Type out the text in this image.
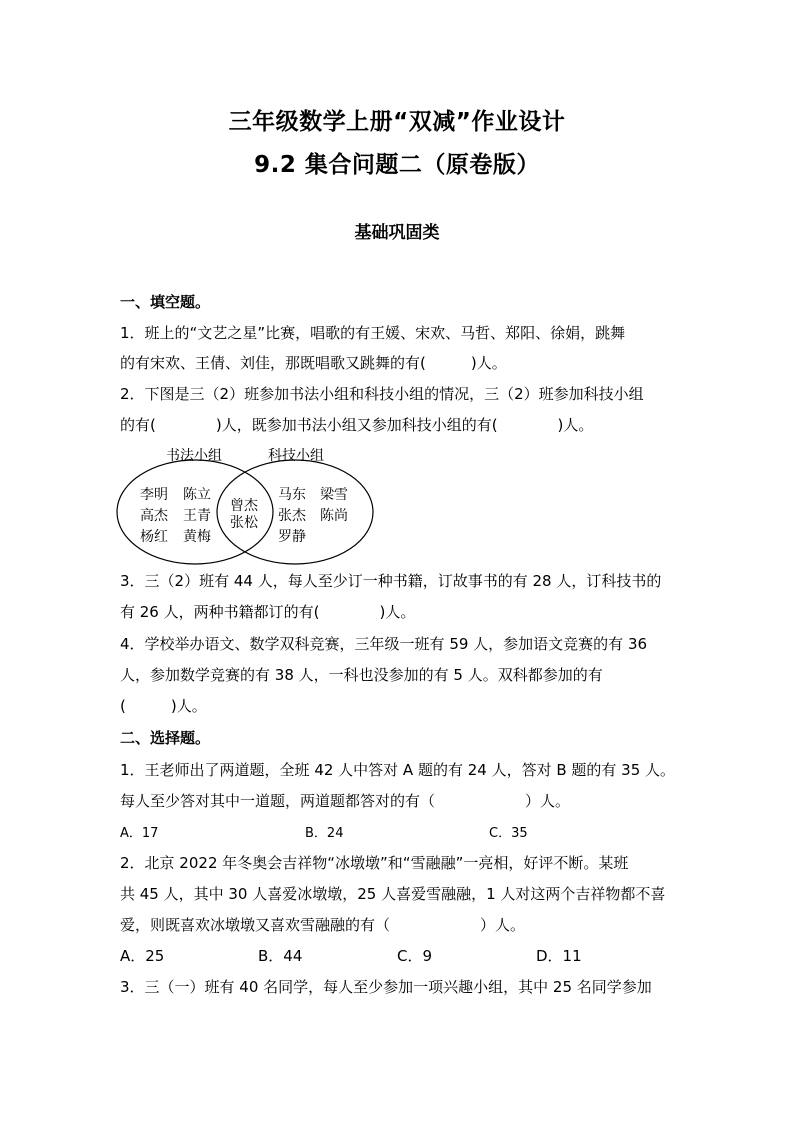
三年级数学上册“双减”作业设计
9.2 集合问题二（原卷版）
基础巩固类
一、填空题。
1．班上的“文艺之星”比赛，唱歌的有王媛、宋欢、马哲、郑阳、徐娟，跳舞
的有宋欢、王倩、刘佳，那既唱歌又跳舞的有(　　　)人。
2．下图是三（2）班参加书法小组和科技小组的情况，三（2）班参加科技小组
的有(　　　　)人，既参加书法小组又参加科技小组的有(　　　　)人。
书法小组	科技小组
李明 陈立
高杰 王青
杨红 黄梅
曾杰
张松
马东 梁雪
张杰 陈尚
罗静
3．三（2）班有 44 人，每人至少订一种书籍，订故事书的有 28 人，订科技书的
有 26 人，两种书籍都订的有(　　　　)人。
4．学校举办语文、数学双科竞赛，三年级一班有 59 人，参加语文竞赛的有 36
人，参加数学竞赛的有 38 人，一科也没参加的有 5 人。双科都参加的有
(　　　)人。
二、选择题。
1．王老师出了两道题，全班 42 人中答对 A 题的有 24 人，答对 B 题的有 35 人。
每人至少答对其中一道题，两道题都答对的有（　　　　　　）人。
A．17	B．24	C．35
2．北京 2022 年冬奥会吉祥物“冰墩墩”和“雪融融”一亮相，好评不断。某班
共 45 人，其中 30 人喜爱冰墩墩，25 人喜爱雪融融，1 人对这两个吉祥物都不喜
爱，则既喜欢冰墩墩又喜欢雪融融的有（　　　　　　）人。
A．25	B．44	C．9	D．11
3．三（一）班有 40 名同学，每人至少参加一项兴趣小组，其中 25 名同学参加
